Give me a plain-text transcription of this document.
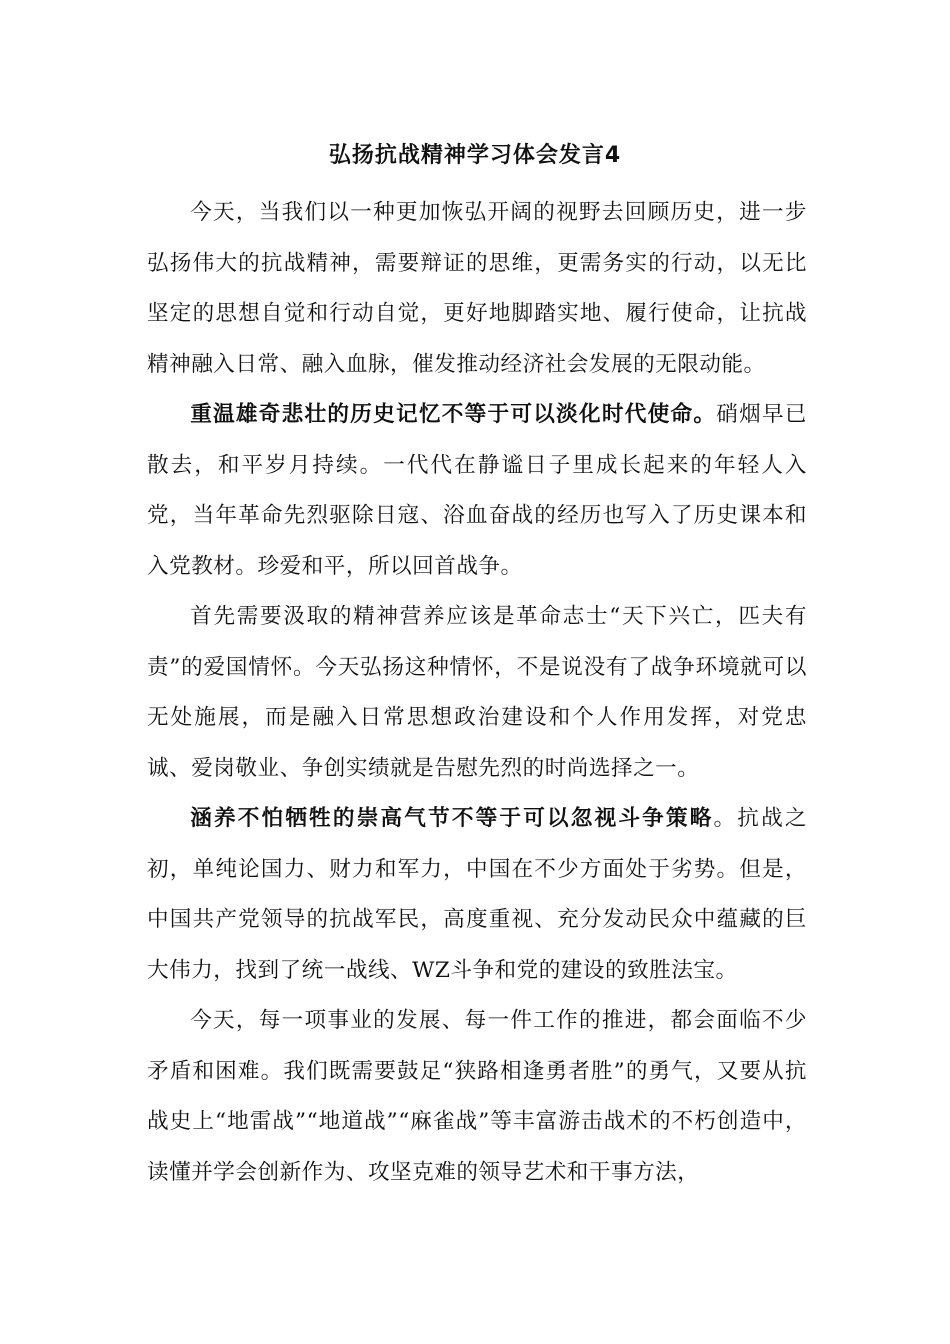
弘扬抗战精神学习体会发言4

今天，当我们以一种更加恢弘开阔的视野去回顾历史，进一步弘扬伟大的抗战精神，需要辩证的思维，更需务实的行动，以无比坚定的思想自觉和行动自觉，更好地脚踏实地、履行使命，让抗战精神融入日常、融入血脉，催发推动经济社会发展的无限动能。

重温雄奇悲壮的历史记忆不等于可以淡化时代使命。硝烟早已散去，和平岁月持续。一代代在静谧日子里成长起来的年轻人入党，当年革命先烈驱除日寇、浴血奋战的经历也写入了历史课本和入党教材。珍爱和平，所以回首战争。

首先需要汲取的精神营养应该是革命志士“天下兴亡，匹夫有责”的爱国情怀。今天弘扬这种情怀，不是说没有了战争环境就可以无处施展，而是融入日常思想政治建设和个人作用发挥，对党忠诚、爱岗敬业、争创实绩就是告慰先烈的时尚选择之一。

涵养不怕牺牲的崇高气节不等于可以忽视斗争策略。抗战之初，单纯论国力、财力和军力，中国在不少方面处于劣势。但是，中国共产党领导的抗战军民，高度重视、充分发动民众中蕴藏的巨大伟力，找到了统一战线、WZ斗争和党的建设的致胜法宝。

今天，每一项事业的发展、每一件工作的推进，都会面临不少矛盾和困难。我们既需要鼓足“狭路相逢勇者胜”的勇气，又要从抗战史上“地雷战”“地道战”“麻雀战”等丰富游击战术的不朽创造中，读懂并学会创新作为、攻坚克难的领导艺术和干事方法，
